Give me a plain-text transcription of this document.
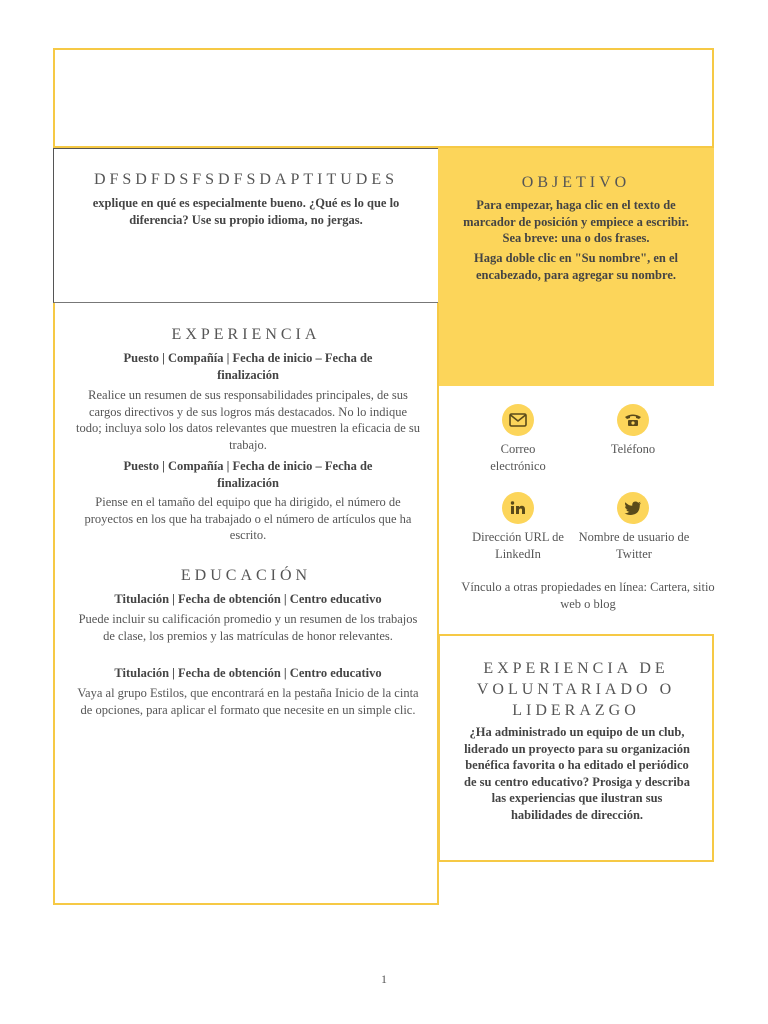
DFSDFDSFSDFSDAPTITUDES

explique en qué es especialmente bueno. ¿Qué es lo que lo diferencia? Use su propio idioma, no jergas.

OBJETIVO

Para empezar, haga clic en el texto de marcador de posición y empiece a escribir. Sea breve: una o dos frases.

Haga doble clic en "Su nombre", en el encabezado, para agregar su nombre.

EXPERIENCIA

Puesto | Compañía | Fecha de inicio – Fecha de finalización

Realice un resumen de sus responsabilidades principales, de sus cargos directivos y de sus logros más destacados. No lo indique todo; incluya solo los datos relevantes que muestren la eficacia de su trabajo.

Puesto | Compañía | Fecha de inicio – Fecha de finalización

Piense en el tamaño del equipo que ha dirigido, el número de proyectos en los que ha trabajado o el número de artículos que ha escrito.

EDUCACIÓN

Titulación | Fecha de obtención | Centro educativo

Puede incluir su calificación promedio y un resumen de los trabajos de clase, los premios y las matrículas de honor relevantes.

Titulación | Fecha de obtención | Centro educativo

Vaya al grupo Estilos, que encontrará en la pestaña Inicio de la cinta de opciones, para aplicar el formato que necesite en un simple clic.

Correo electrónico
Teléfono
Dirección URL de LinkedIn
Nombre de usuario de Twitter
Vínculo a otras propiedades en línea: Cartera, sitio web o blog
EXPERIENCIA DE VOLUNTARIADO O LIDERAZGO

¿Ha administrado un equipo de un club, liderado un proyecto para su organización benéfica favorita o ha editado el periódico de su centro educativo? Prosiga y describa las experiencias que ilustran sus habilidades de dirección.

1
